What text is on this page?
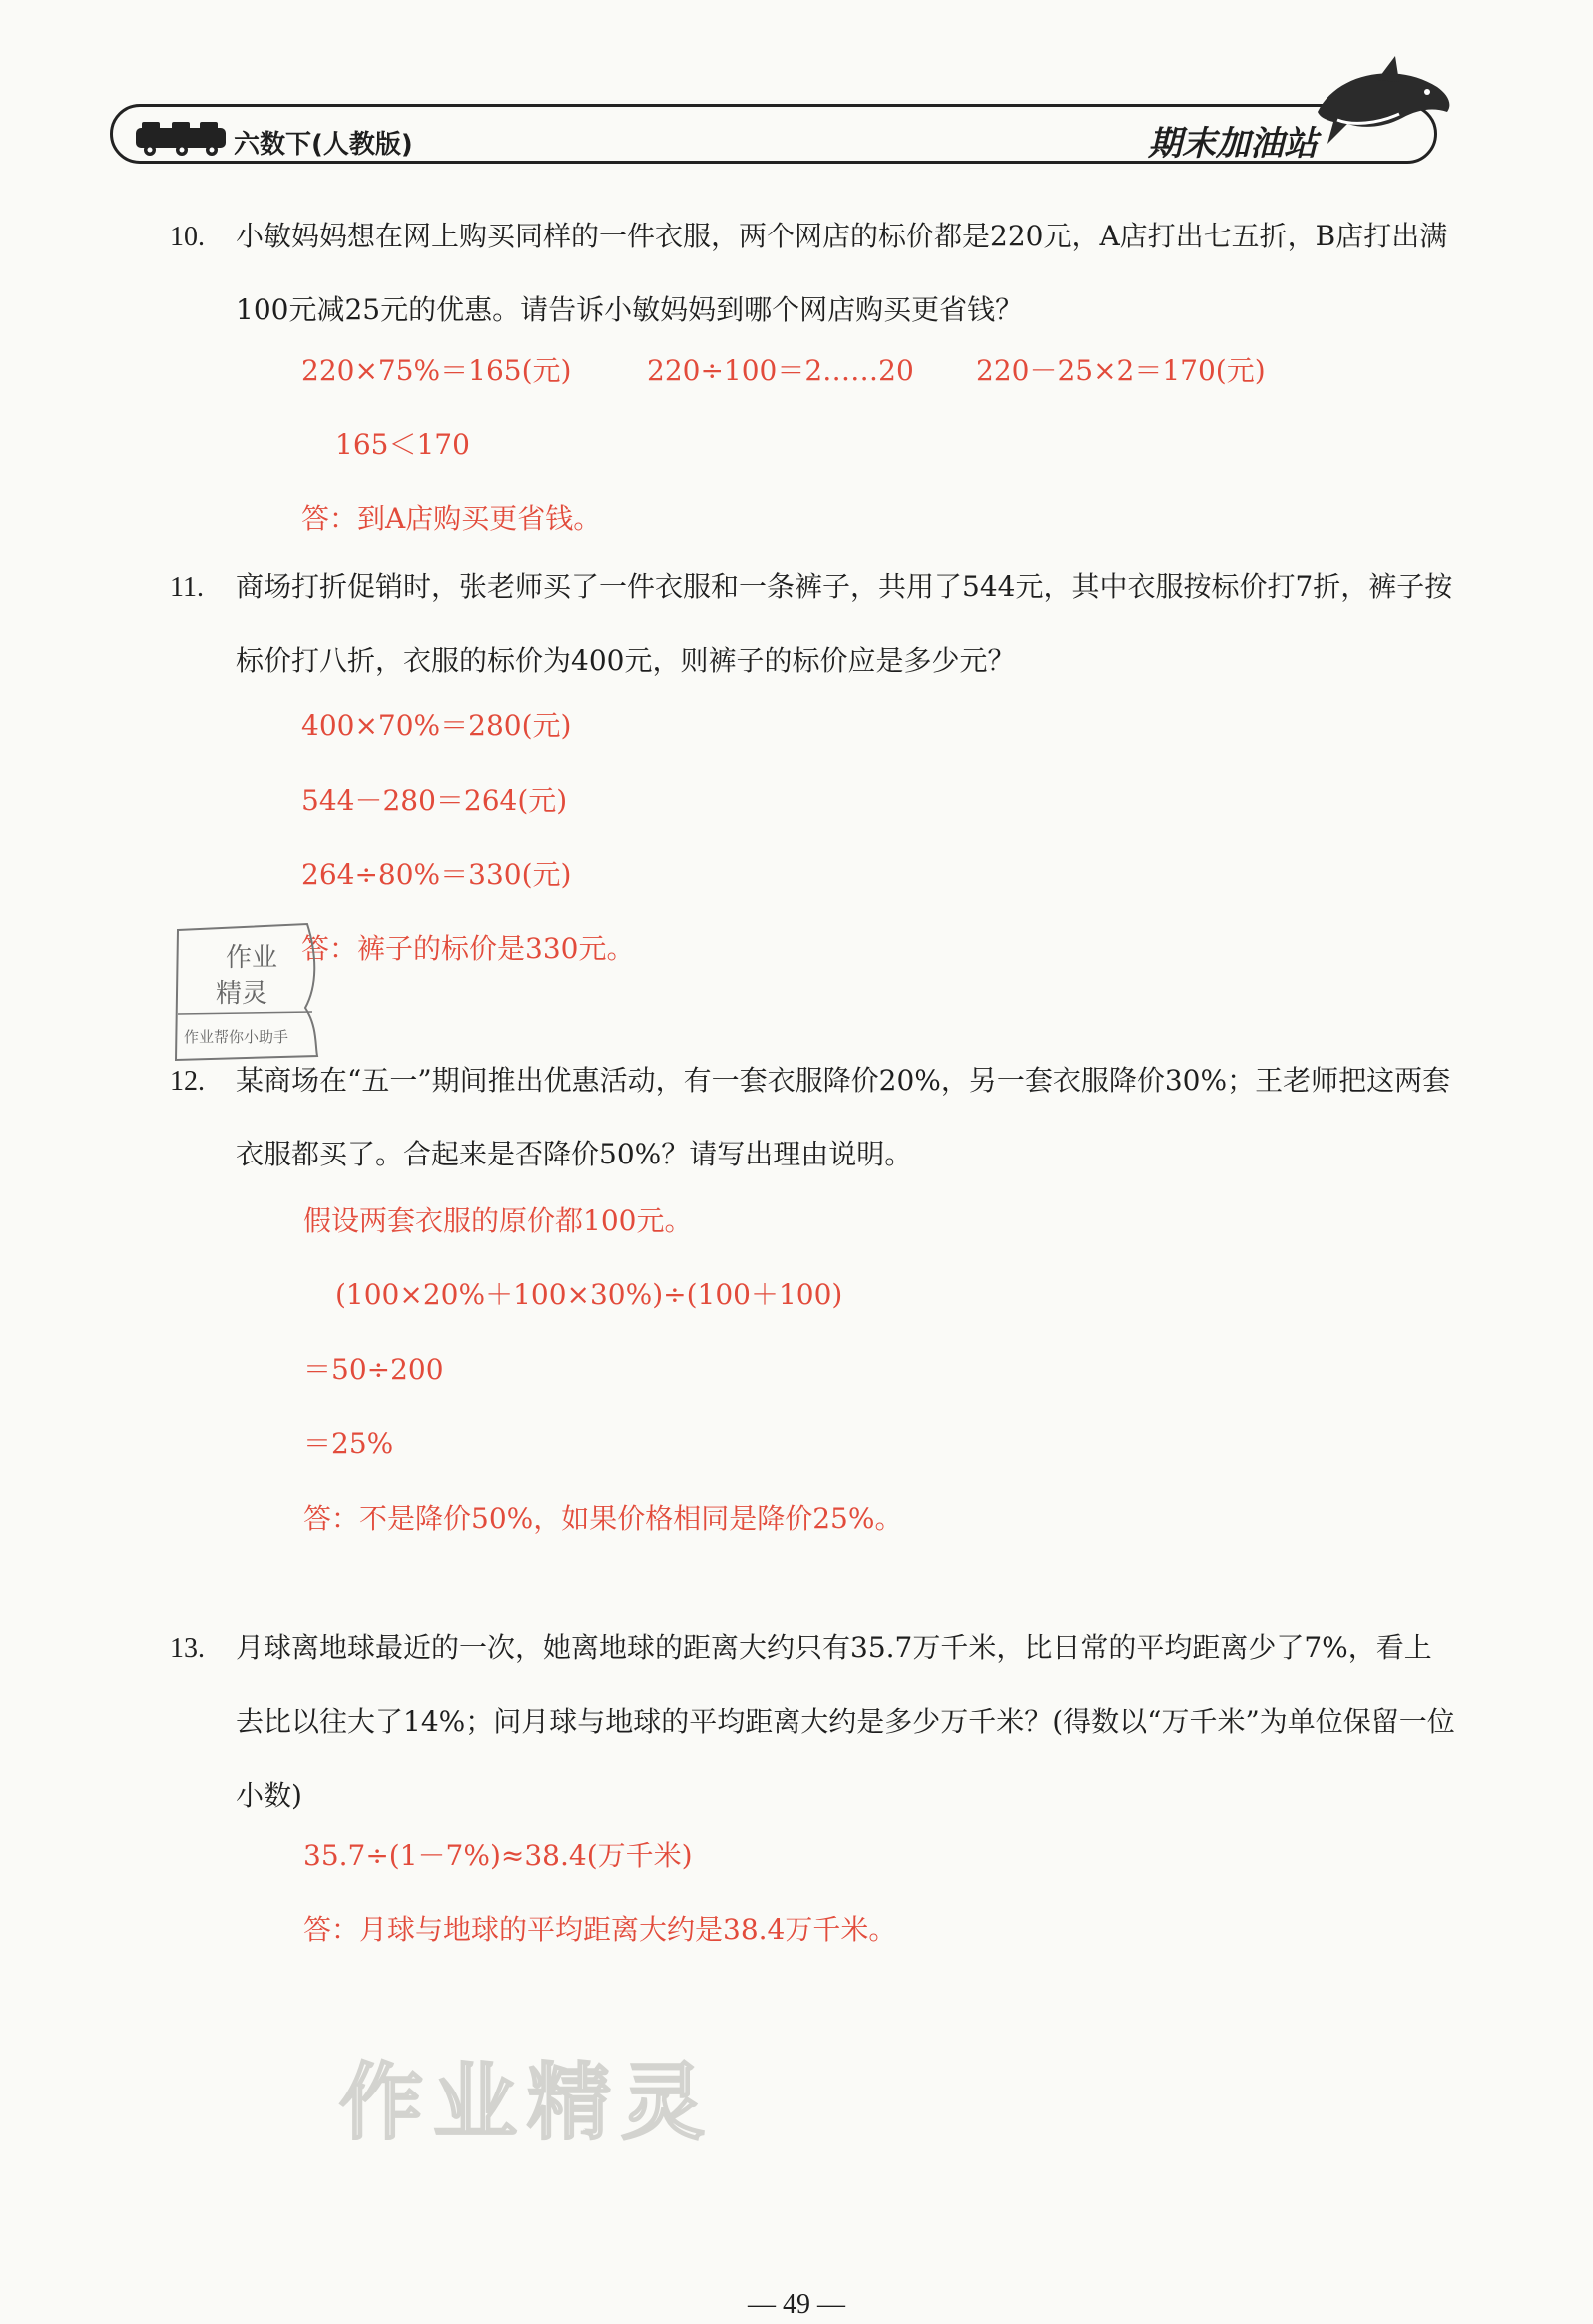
六数下(人教版)	期末加油站
10. 小敏妈妈想在网上购买同样的一件衣服，两个网店的标价都是220元，A店打出七五折，B店打出满100元减25元的优惠。请告诉小敏妈妈到哪个网店购买更省钱？
220×75%＝165(元)	220÷100＝2……20 220－25×2＝170(元)
165＜170
答：到A店购买更省钱。
11. 商场打折促销时，张老师买了一件衣服和一条裤子，共用了544元，其中衣服按标价打7折，裤子按标价打八折，衣服的标价为400元，则裤子的标价应是多少元？
400×70%＝280(元)
544－280＝264(元)
264÷80%＝330(元)
答：裤子的标价是330元。
作业
精灵
作业帮你小助手
12. 某商场在“五一”期间推出优惠活动，有一套衣服降价20%，另一套衣服降价30%；王老师把这两套衣服都买了。合起来是否降价50%？请写出理由说明。
假设两套衣服的原价都100元。
(100×20%＋100×30%)÷(100＋100)
＝50÷200
＝25%
答：不是降价50%，如果价格相同是降价25%。
13. 月球离地球最近的一次，她离地球的距离大约只有35.7万千米，比日常的平均距离少了7%，看上去比以往大了14%；问月球与地球的平均距离大约是多少万千米？(得数以“万千米”为单位保留一位小数)
35.7÷(1－7%)≈38.4(万千米)
答：月球与地球的平均距离大约是38.4万千米。
作业精灵
— 49 —
